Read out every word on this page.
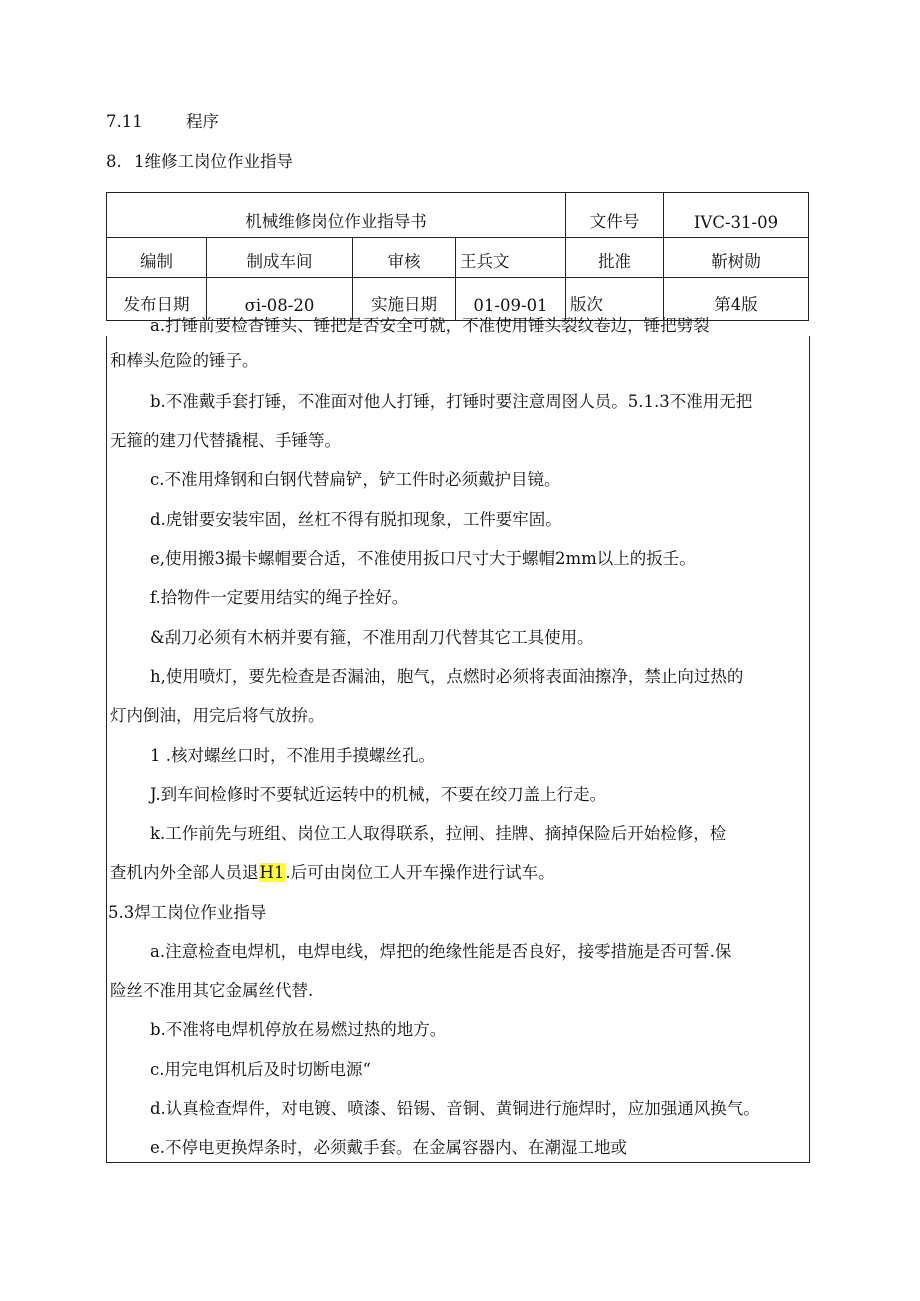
7.11	程序
8. 1维修工岗位作业指导
机械维修岗位作业指导书				文件号	IVC-31-09
编制	制成车间	审核	王兵文	批准	靳树勋
发布日期	σi-08-20	实施日期	01-09-01	版次	第4版
a.打锤前要检杳锤头、锤把是否安全可就，不准使用锤头裂纹卷边，锤把劈裂
和棒头危险的锤子。
b.不准戴手套打锤，不准面对他人打锤，打锤时要注意周囹人员。5.1.3不准用无把
无箍的建刀代替撬棍、手锤等。
c.不准用烽钢和白钢代替扁铲，铲工件时必须戴护目镜。
d.虎钳要安装牢固，丝杠不得有脱扣现象，工件要牢固。
e,使用搬3撮卡螺帽要合适，不准使用扳口尺寸大于螺帽2mm以上的扳壬。
f.拾物件一定要用结实的绳子拴好。
&刮刀必须有木柄并要有箍，不准用刮刀代替其它工具使用。
h,使用喷灯，要先检查是否漏油，胞气，点燃时必须将表面油擦净，禁止向过热的
灯内倒油，用完后将气放拚。
1 .核对螺丝口时，不准用手摸螺丝孔。
J.到车间检修时不要轼近运转中的机械，不要在绞刀盖上行走。
k.工作前先与班组、岗位工人取得联系，拉闸、挂牌、摘掉保险后开始检修，检
查机内外全部人员退H1.后可由岗位工人开车操作进行试车。
5.3焊工岗位作业指导
a.注意检查电焊机，电焊电线，焊把的绝缘性能是否良好，接零措施是否可誓.保
险丝不准用其它金属丝代替.
b.不准将电焊机停放在易燃过热的地方。
c.用完电饵机后及时切断电源“
d.认真检查焊件，对电镀、喷漆、铅锡、音铜、黄铜进行施焊时，应加强通风换气。
e.不停电更换焊条时，必须戴手套。在金属容器内、在潮湿工地或
